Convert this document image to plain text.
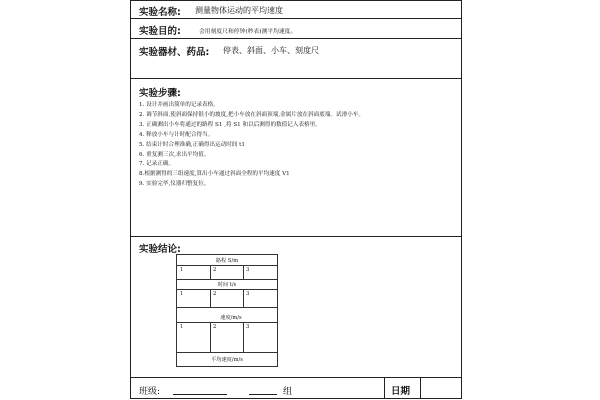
实验名称: 测量物体运动的平均速度
实验目的:	会用刻度尺和停钟(秒表)测平均速度。
实验器材、药品: 停表、斜面、小车、刻度尺
实验步骤:
1. 设计并画出简单的记录表格。
2. 调节斜面,使斜面保持很小的坡度,把小车放在斜面顶端,金属片放在斜面底端。试滑小车。
3. 正确测出小车将通过的路程 S1 ,将 S1 和以后测得的数值记入表格里。
4. 释放小车与计时配合得当。
5. 结束计时合理准确,正确得出运动时间 t1
6. 重复测三次,求出平均值。
7. 记录正确。
8.根据测得的三组速度,算出小车通过斜面全程的平均速度 V1
9. 实验完毕,仪器归整复位。
实验结论:
路程 S/m
1	2	3
时间 t/s
1	2	3
速度/m/s
1	2	3
平均速度/m/s
班级:	组	日期
